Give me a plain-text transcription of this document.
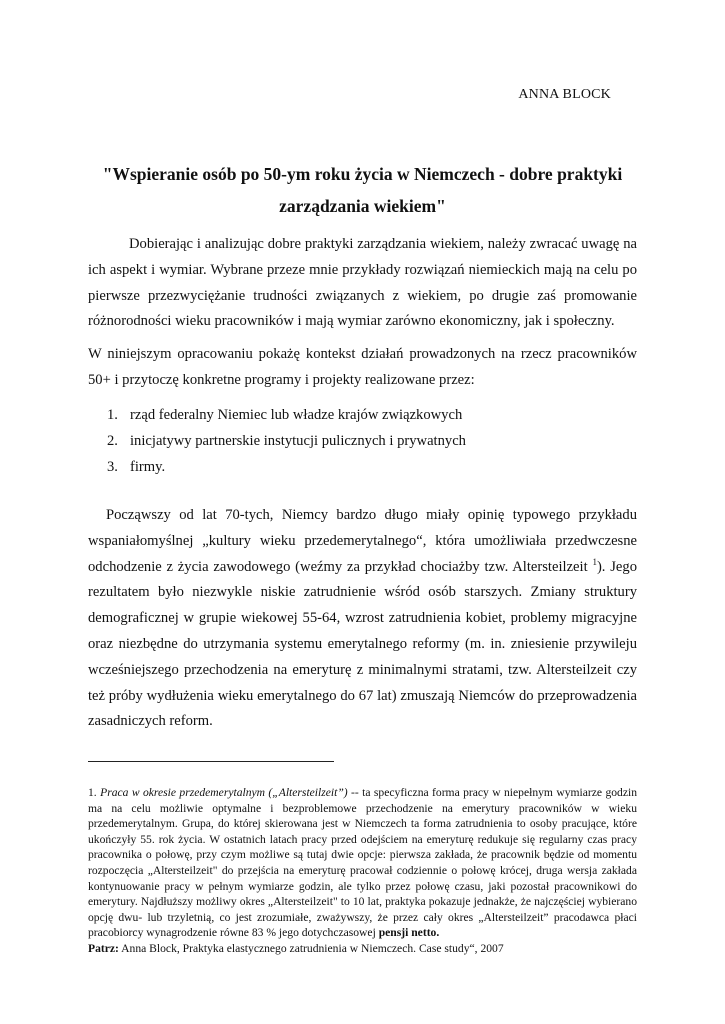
ANNA BLOCK
"Wspieranie osób po 50-ym roku życia w Niemczech - dobre praktyki
zarządzania wiekiem"
Dobierając i analizując dobre praktyki zarządzania wiekiem, należy zwracać uwagę na ich aspekt i wymiar. Wybrane przeze mnie przykłady rozwiązań niemieckich mają na celu po pierwsze przezwyciężanie trudności związanych z wiekiem, po drugie zaś promowanie różnorodności wieku pracowników i mają wymiar zarówno ekonomiczny, jak i społeczny.
W niniejszym opracowaniu pokażę kontekst działań prowadzonych na rzecz pracowników 50+ i przytoczę konkretne programy i projekty realizowane przez:
1. rząd federalny Niemiec lub władze krajów związkowych
2. inicjatywy partnerskie instytucji pulicznych i prywatnych
3. firmy.
Począwszy od lat 70-tych, Niemcy bardzo długo miały opinię typowego przykładu wspaniałomyślnej „kultury wieku przedemerytalnego“, która umożliwiała przedwczesne odchodzenie z życia zawodowego (weźmy za przykład chociażby tzw. Altersteilzeit $^1$). Jego rezultatem było niezwykle niskie zatrudnienie wśród osób starszych. Zmiany struktury demograficznej w grupie wiekowej 55-64, wzrost zatrudnienia kobiet, problemy migracyjne oraz niezbędne do utrzymania systemu emerytalnego reformy (m. in. zniesienie przywileju wcześniejszego przechodzenia na emeryturę z minimalnymi stratami, tzw. Altersteilzeit czy też próby wydłużenia wieku emerytalnego do 67 lat) zmuszają Niemców do przeprowadzenia zasadniczych reform.
1. Praca w okresie przedemerytalnym („Altersteilzeit”) -- ta specyficzna forma pracy w niepełnym wymiarze godzin ma na celu możliwie optymalne i bezproblemowe przechodzenie na emerytury pracowników w wieku przedemerytalnym. Grupa, do której skierowana jest w Niemczech ta forma zatrudnienia to osoby pracujące, które ukończyły 55. rok życia. W ostatnich latach pracy przed odejściem na emeryturę redukuje się regularny czas pracy pracownika o połowę, przy czym możliwe są tutaj dwie opcje: pierwsza zakłada, że pracownik będzie od momentu rozpoczęcia „Altersteilzeit" do przejścia na emeryturę pracował codziennie o połowę krócej, druga wersja zakłada kontynuowanie pracy w pełnym wymiarze godzin, ale tylko przez połowę czasu, jaki pozostał pracownikowi do emerytury. Najdłuższy możliwy okres „Altersteilzeit" to 10 lat, praktyka pokazuje jednakże, że najczęściej wybierano opcję dwu- lub trzyletnią, co jest zrozumiałe, zważywszy, że przez cały okres „Altersteilzeit” pracodawca płaci pracobiorcy wynagrodzenie równe 83 % jego dotychczasowej pensji netto.
Patrz: Anna Block, Praktyka elastycznego zatrudnienia w Niemczech. Case study“, 2007
